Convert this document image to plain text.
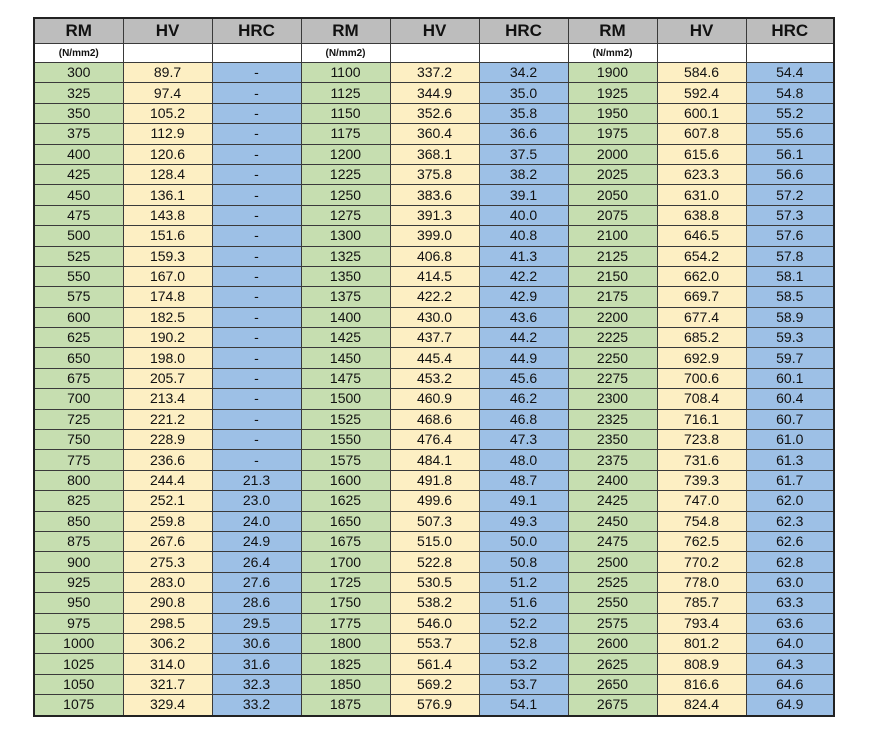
RM	HV	HRC	RM	HV	HRC	RM	HV	HRC
(N/mm2)			(N/mm2)			(N/mm2)		
300	89.7	-	1100	337.2	34.2	1900	584.6	54.4
325	97.4	-	1125	344.9	35.0	1925	592.4	54.8
350	105.2	-	1150	352.6	35.8	1950	600.1	55.2
375	112.9	-	1175	360.4	36.6	1975	607.8	55.6
400	120.6	-	1200	368.1	37.5	2000	615.6	56.1
425	128.4	-	1225	375.8	38.2	2025	623.3	56.6
450	136.1	-	1250	383.6	39.1	2050	631.0	57.2
475	143.8	-	1275	391.3	40.0	2075	638.8	57.3
500	151.6	-	1300	399.0	40.8	2100	646.5	57.6
525	159.3	-	1325	406.8	41.3	2125	654.2	57.8
550	167.0	-	1350	414.5	42.2	2150	662.0	58.1
575	174.8	-	1375	422.2	42.9	2175	669.7	58.5
600	182.5	-	1400	430.0	43.6	2200	677.4	58.9
625	190.2	-	1425	437.7	44.2	2225	685.2	59.3
650	198.0	-	1450	445.4	44.9	2250	692.9	59.7
675	205.7	-	1475	453.2	45.6	2275	700.6	60.1
700	213.4	-	1500	460.9	46.2	2300	708.4	60.4
725	221.2	-	1525	468.6	46.8	2325	716.1	60.7
750	228.9	-	1550	476.4	47.3	2350	723.8	61.0
775	236.6	-	1575	484.1	48.0	2375	731.6	61.3
800	244.4	21.3	1600	491.8	48.7	2400	739.3	61.7
825	252.1	23.0	1625	499.6	49.1	2425	747.0	62.0
850	259.8	24.0	1650	507.3	49.3	2450	754.8	62.3
875	267.6	24.9	1675	515.0	50.0	2475	762.5	62.6
900	275.3	26.4	1700	522.8	50.8	2500	770.2	62.8
925	283.0	27.6	1725	530.5	51.2	2525	778.0	63.0
950	290.8	28.6	1750	538.2	51.6	2550	785.7	63.3
975	298.5	29.5	1775	546.0	52.2	2575	793.4	63.6
1000	306.2	30.6	1800	553.7	52.8	2600	801.2	64.0
1025	314.0	31.6	1825	561.4	53.2	2625	808.9	64.3
1050	321.7	32.3	1850	569.2	53.7	2650	816.6	64.6
1075	329.4	33.2	1875	576.9	54.1	2675	824.4	64.9
